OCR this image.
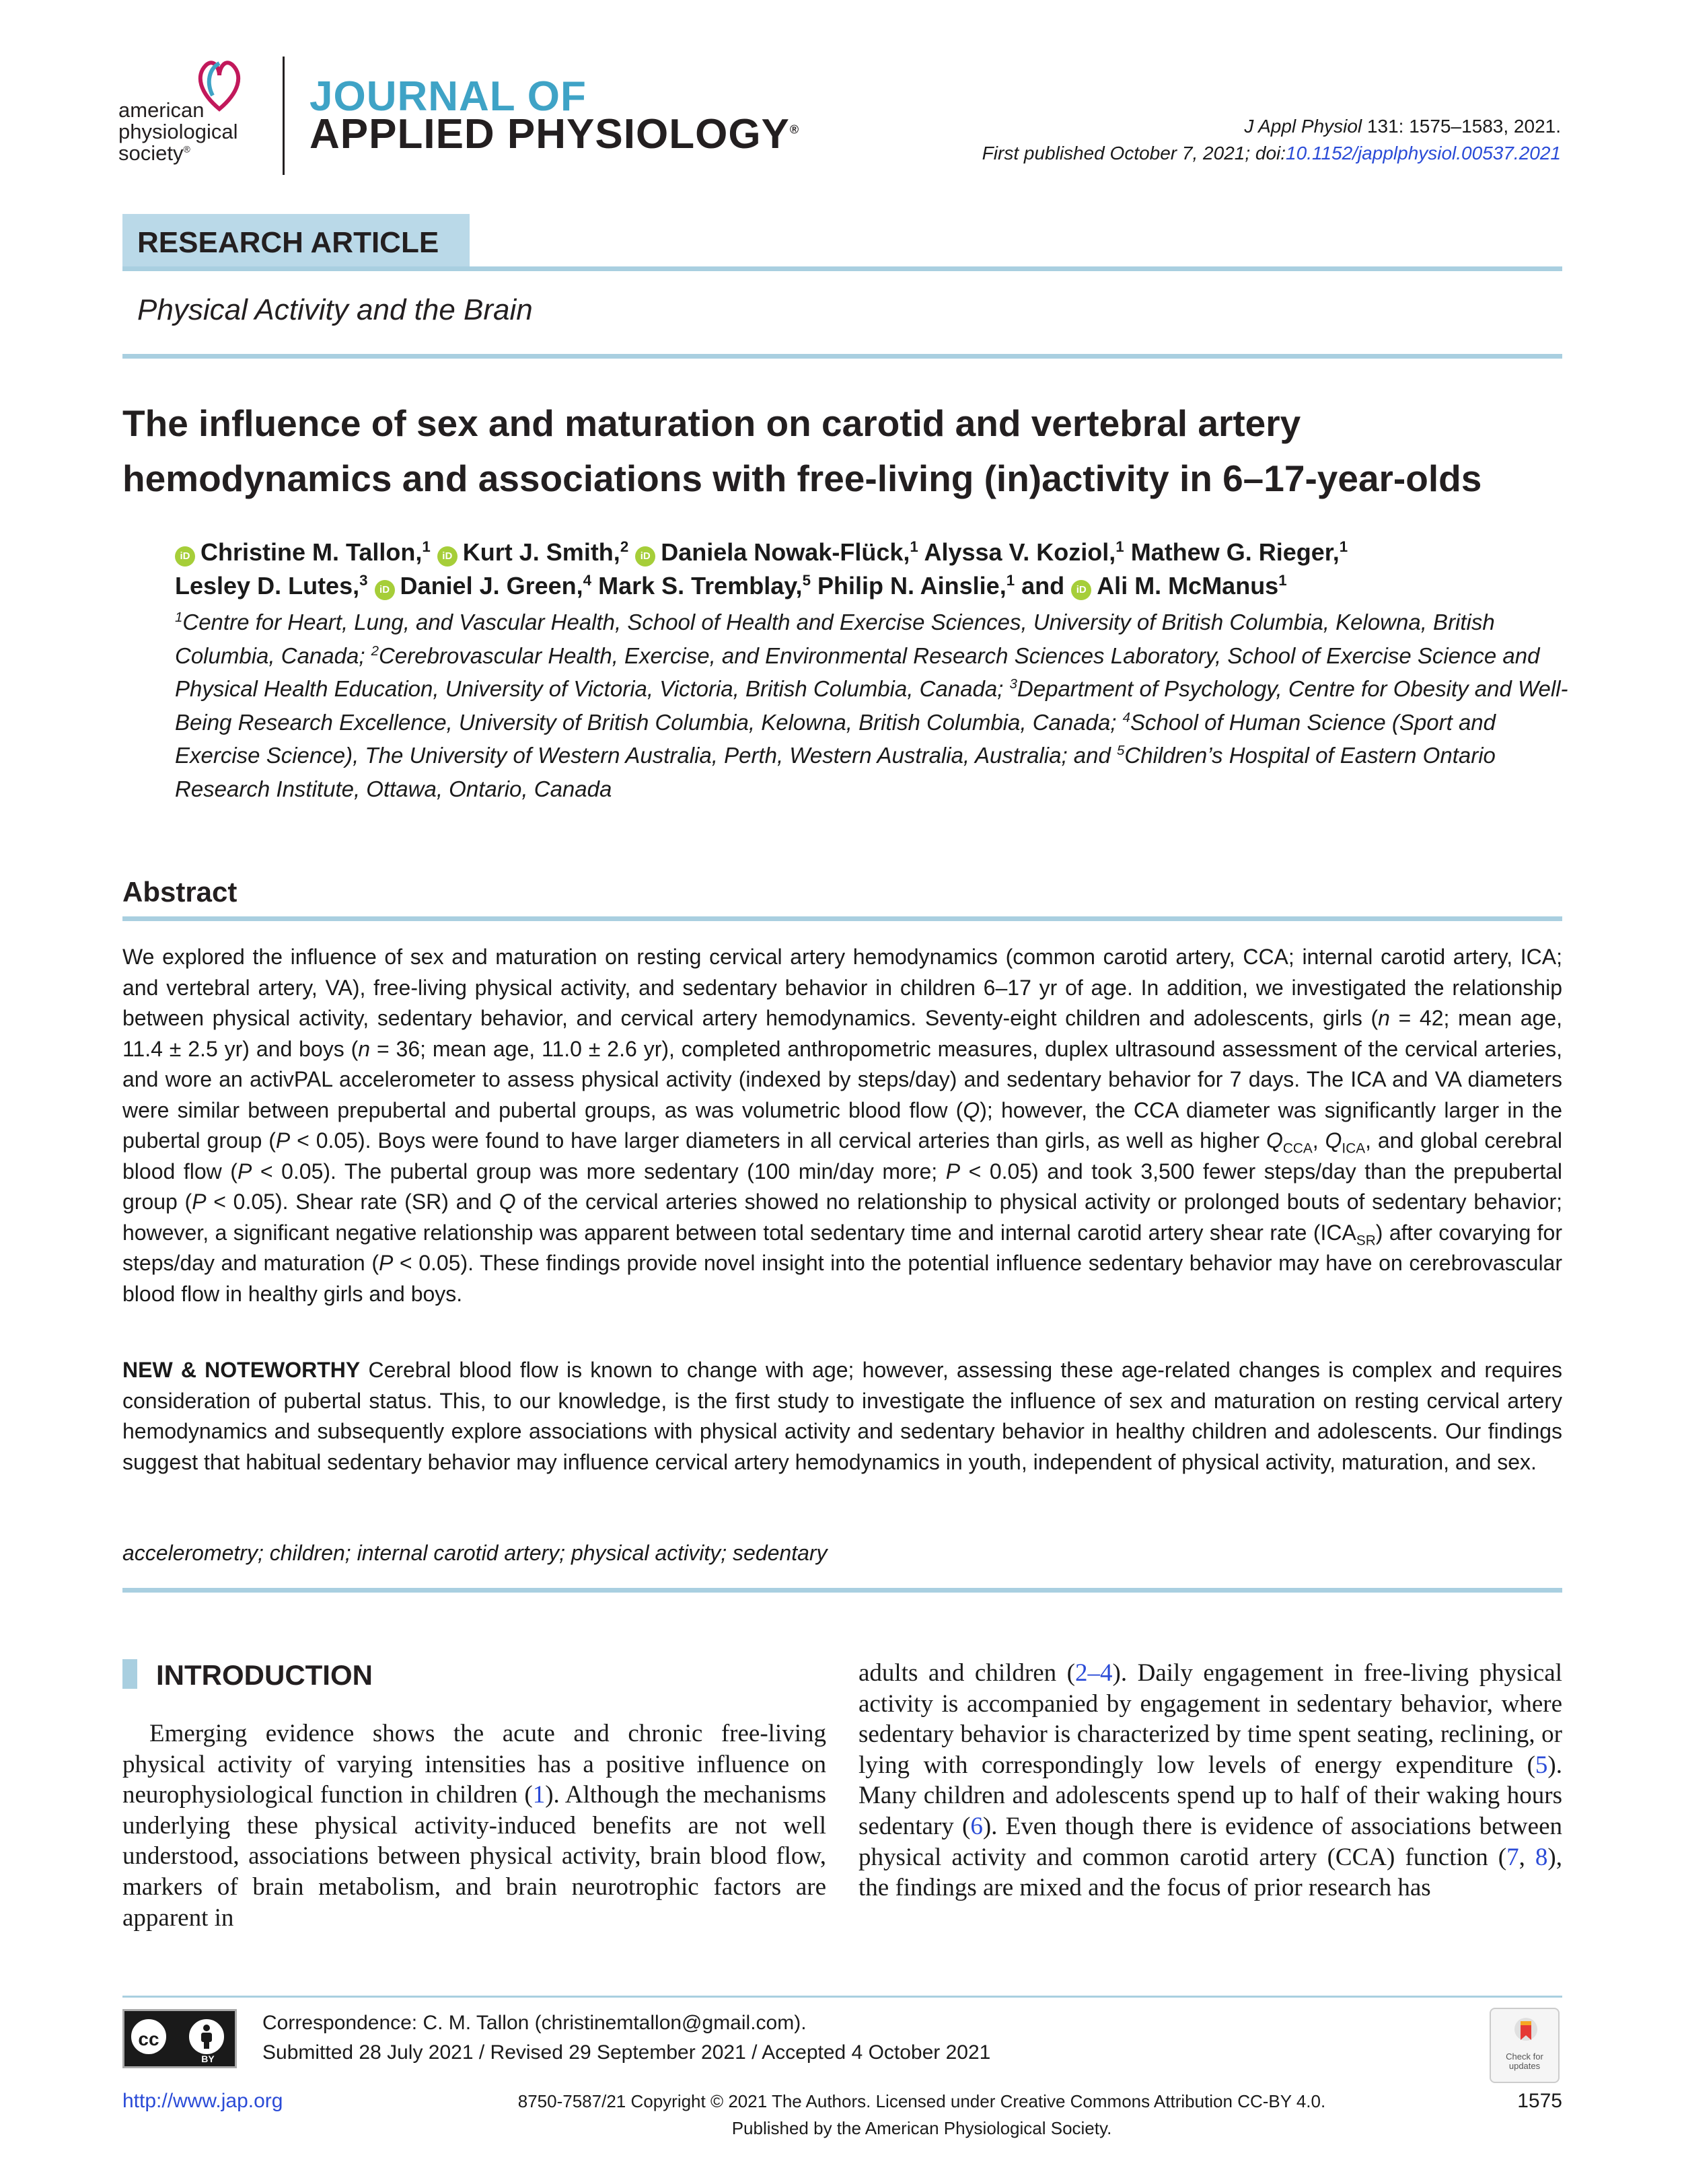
american
physiological
society®
JOURNAL OF
APPLIED PHYSIOLOGY®	J Appl Physiol 131: 1575–1583, 2021.
First published October 7, 2021; doi:10.1152/japplphysiol.00537.2021
RESEARCH ARTICLE
Physical Activity and the Brain
The influence of sex and maturation on carotid and vertebral artery
hemodynamics and associations with free-living (in)activity in 6–17-year-olds
iD Christine M. Tallon,$^1$ iD Kurt J. Smith,$^2$ iD Daniela Nowak-Flück,$^1$ Alyssa V. Koziol,$^1$ Mathew G. Rieger,$^1$
Lesley D. Lutes,$^3$ iD Daniel J. Green,$^4$ Mark S. Tremblay,$^5$ Philip N. Ainslie,$^1$ and iD Ali M. McManus$^1$
$^1$Centre for Heart, Lung, and Vascular Health, School of Health and Exercise Sciences, University of British Columbia, Kelowna, British Columbia, Canada; $^2$Cerebrovascular Health, Exercise, and Environmental Research Sciences Laboratory, School of Exercise Science and Physical Health Education, University of Victoria, Victoria, British Columbia, Canada; $^3$Department of Psychology, Centre for Obesity and Well-Being Research Excellence, University of British Columbia, Kelowna, British Columbia, Canada; $^4$School of Human Science (Sport and Exercise Science), The University of Western Australia, Perth, Western Australia, Australia; and $^5$Children’s Hospital of Eastern Ontario Research Institute, Ottawa, Ontario, Canada
Abstract
We explored the influence of sex and maturation on resting cervical artery hemodynamics (common carotid artery, CCA; internal carotid artery, ICA; and vertebral artery, VA), free-living physical activity, and sedentary behavior in children 6–17 yr of age. In addition, we investigated the relationship between physical activity, sedentary behavior, and cervical artery hemodynamics. Seventy-eight children and adolescents, girls (n = 42; mean age, 11.4 ± 2.5 yr) and boys (n = 36; mean age, 11.0 ± 2.6 yr), completed anthropometric measures, duplex ultrasound assessment of the cervical arteries, and wore an activPAL accelerometer to assess physical activity (indexed by steps/day) and sedentary behavior for 7 days. The ICA and VA diameters were similar between prepubertal and pubertal groups, as was volumetric blood flow (Q); however, the CCA diameter was significantly larger in the pubertal group (P < 0.05). Boys were found to have larger diameters in all cervical arteries than girls, as well as higher $Q_{CCA}$, $Q_{ICA}$, and global cerebral blood flow (P < 0.05). The pubertal group was more sedentary (100 min/day more; P < 0.05) and took 3,500 fewer steps/day than the prepubertal group (P < 0.05). Shear rate (SR) and Q of the cervical arteries showed no relationship to physical activity or prolonged bouts of sedentary behavior; however, a significant negative relationship was apparent between total sedentary time and internal carotid artery shear rate $(ICA_{SR})$ after covarying for steps/day and maturation (P < 0.05). These findings provide novel insight into the potential influence sedentary behavior may have on cerebrovascular blood flow in healthy girls and boys.
NEW & NOTEWORTHY Cerebral blood flow is known to change with age; however, assessing these age-related changes is complex and requires consideration of pubertal status. This, to our knowledge, is the first study to investigate the influence of sex and maturation on resting cervical artery hemodynamics and subsequently explore associations with physical activity and sedentary behavior in healthy children and adolescents. Our findings suggest that habitual sedentary behavior may influence cervical artery hemodynamics in youth, independent of physical activity, maturation, and sex.
accelerometry; children; internal carotid artery; physical activity; sedentary
INTRODUCTION
Emerging evidence shows the acute and chronic free-living physical activity of varying intensities has a positive influence on neurophysiological function in children (1). Although the mechanisms underlying these physical activity-induced benefits are not well understood, associations between physical activity, brain blood flow, markers of brain metabolism, and brain neurotrophic factors are apparent in
adults and children (2–4). Daily engagement in free-living physical activity is accompanied by engagement in sedentary behavior, where sedentary behavior is characterized by time spent seating, reclining, or lying with correspondingly low levels of energy expenditure (5). Many children and adolescents spend up to half of their waking hours sedentary (6). Even though there is evidence of associations between physical activity and common carotid artery (CCA) function (7, 8), the findings are mixed and the focus of prior research has
cc
BY
Correspondence: C. M. Tallon (christinemtallon@gmail.com).
Submitted 28 July 2021 / Revised 29 September 2021 / Accepted 4 October 2021	Check for
updates
http://www.jap.org	8750-7587/21 Copyright © 2021 The Authors. Licensed under Creative Commons Attribution CC-BY 4.0.
Published by the American Physiological Society.
1575
